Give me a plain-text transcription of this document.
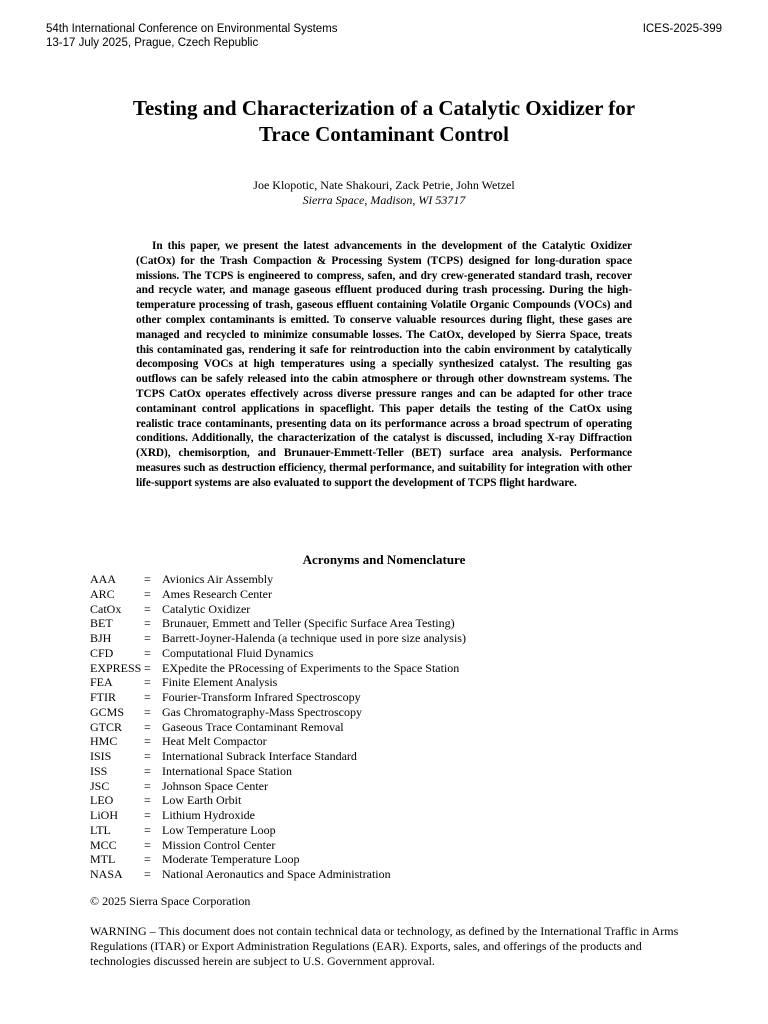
54th International Conference on Environmental Systems
13-17 July 2025, Prague, Czech Republic
ICES-2025-399
Testing and Characterization of a Catalytic Oxidizer for
Trace Contaminant Control
Joe Klopotic, Nate Shakouri, Zack Petrie, John Wetzel
Sierra Space, Madison, WI 53717

In this paper, we present the latest advancements in the development of the Catalytic Oxidizer (CatOx) for the Trash Compaction & Processing System (TCPS) designed for long-duration space missions. The TCPS is engineered to compress, safen, and dry crew-generated standard trash, recover and recycle water, and manage gaseous effluent produced during trash processing. During the high-temperature processing of trash, gaseous effluent containing Volatile Organic Compounds (VOCs) and other complex contaminants is emitted. To conserve valuable resources during flight, these gases are managed and recycled to minimize consumable losses. The CatOx, developed by Sierra Space, treats this contaminated gas, rendering it safe for reintroduction into the cabin environment by catalytically decomposing VOCs at high temperatures using a specially synthesized catalyst. The resulting gas outflows can be safely released into the cabin atmosphere or through other downstream systems. The TCPS CatOx operates effectively across diverse pressure ranges and can be adapted for other trace contaminant control applications in spaceflight. This paper details the testing of the CatOx using realistic trace contaminants, presenting data on its performance across a broad spectrum of operating conditions. Additionally, the characterization of the catalyst is discussed, including X-ray Diffraction (XRD), chemisorption, and Brunauer-Emmett-Teller (BET) surface area analysis. Performance measures such as destruction efficiency, thermal performance, and suitability for integration with other life-support systems are also evaluated to support the development of TCPS flight hardware.

Acronyms and Nomenclature
AAA = Avionics Air Assembly
ARC = Ames Research Center
CatOx = Catalytic Oxidizer
BET	= Brunauer, Emmett and Teller (Specific Surface Area Testing)
BJH	= Barrett-Joyner-Halenda (a technique used in pore size analysis)
CFD	= Computational Fluid Dynamics
EXPRESS = EXpedite the PRocessing of Experiments to the Space Station
FEA	= Finite Element Analysis
FTIR = Fourier-Transform Infrared Spectroscopy
GCMS = Gas Chromatography-Mass Spectroscopy
GTCR = Gaseous Trace Contaminant Removal
HMC = Heat Melt Compactor
ISIS	= International Subrack Interface Standard
ISS	= International Space Station
JSC	= Johnson Space Center
LEO	= Low Earth Orbit
LiOH = Lithium Hydroxide
LTL	= Low Temperature Loop
MCC = Mission Control Center
MTL = Moderate Temperature Loop
NASA = National Aeronautics and Space Administration
© 2025 Sierra Space Corporation

WARNING – This document does not contain technical data or technology, as defined by the International Traffic in Arms Regulations (ITAR) or Export Administration Regulations (EAR). Exports, sales, and offerings of the products and technologies discussed herein are subject to U.S. Government approval.
